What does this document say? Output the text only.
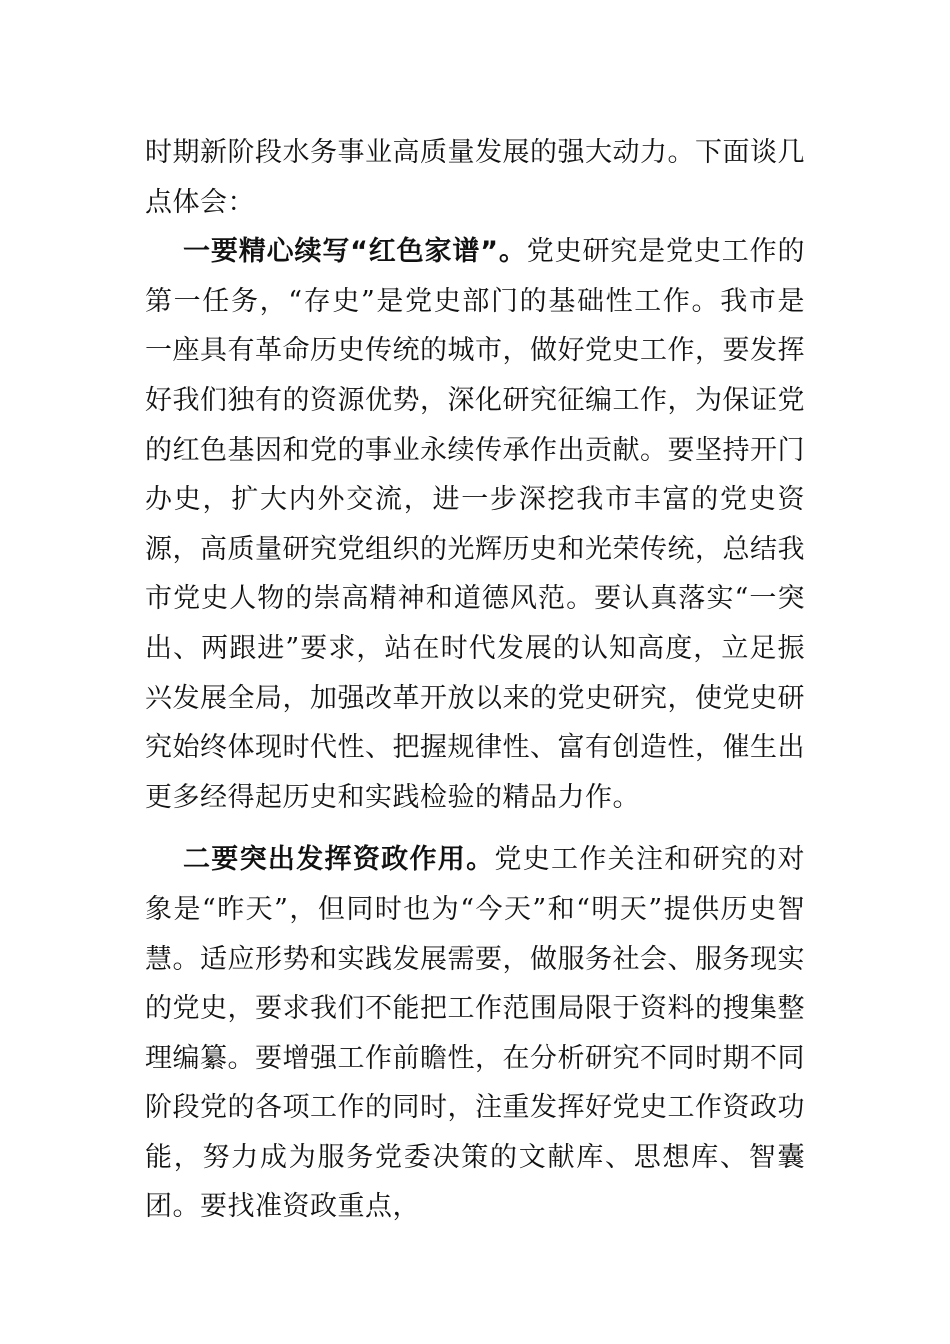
时期新阶段水务事业高质量发展的强大动力。下面谈几点体会：

一要精心续写“红色家谱”。党史研究是党史工作的第一任务，“存史”是党史部门的基础性工作。我市是一座具有革命历史传统的城市，做好党史工作，要发挥好我们独有的资源优势，深化研究征编工作，为保证党的红色基因和党的事业永续传承作出贡献。要坚持开门办史，扩大内外交流，进一步深挖我市丰富的党史资源，高质量研究党组织的光辉历史和光荣传统，总结我市党史人物的崇高精神和道德风范。要认真落实“一突出、两跟进”要求，站在时代发展的认知高度，立足振兴发展全局，加强改革开放以来的党史研究，使党史研究始终体现时代性、把握规律性、富有创造性，催生出更多经得起历史和实践检验的精品力作。

二要突出发挥资政作用。党史工作关注和研究的对象是“昨天”，但同时也为“今天”和“明天”提供历史智慧。适应形势和实践发展需要，做服务社会、服务现实的党史，要求我们不能把工作范围局限于资料的搜集整理编纂。要增强工作前瞻性，在分析研究不同时期不同阶段党的各项工作的同时，注重发挥好党史工作资政功能，努力成为服务党委决策的文献库、思想库、智囊团。要找准资政重点，
